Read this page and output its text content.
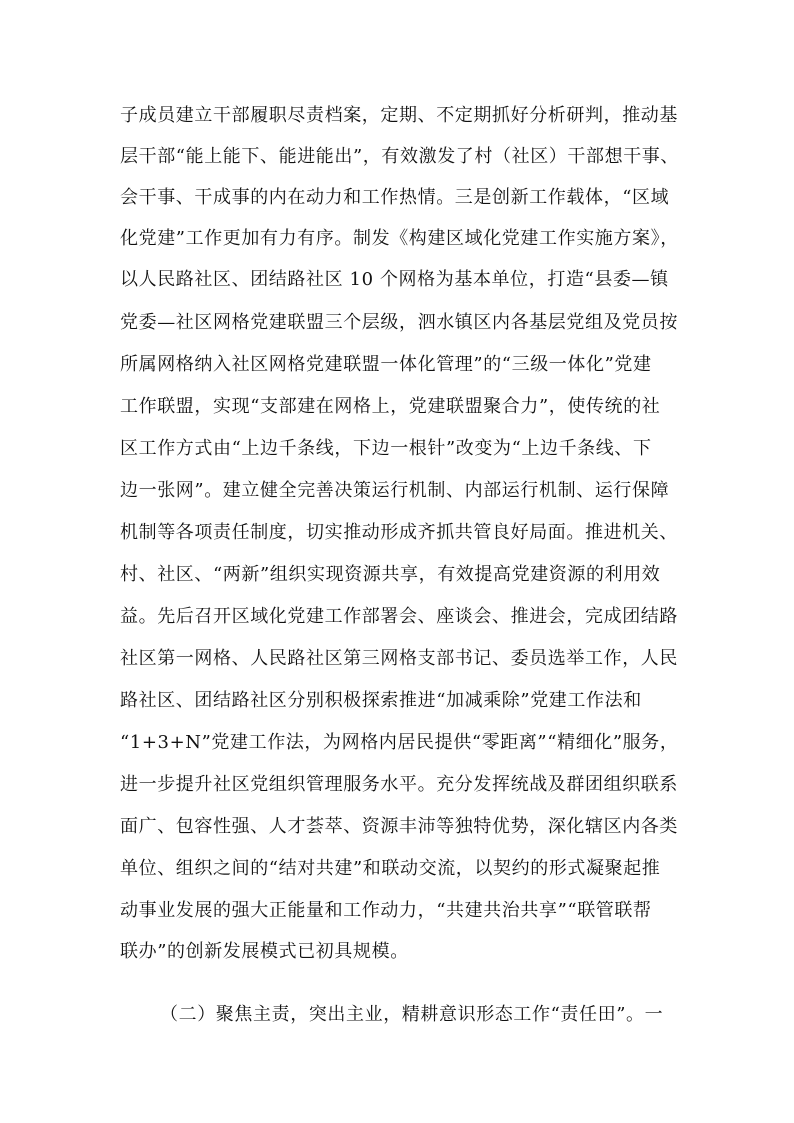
子成员建立干部履职尽责档案，定期、不定期抓好分析研判，推动基
层干部“能上能下、能进能出”，有效激发了村（社区）干部想干事、
会干事、干成事的内在动力和工作热情。三是创新工作载体，“区域
化党建”工作更加有力有序。制发《构建区域化党建工作实施方案》，
以人民路社区、团结路社区 10 个网格为基本单位，打造“县委—镇
党委—社区网格党建联盟三个层级，泗水镇区内各基层党组及党员按
所属网格纳入社区网格党建联盟一体化管理”的“三级一体化”党建
工作联盟，实现“支部建在网格上，党建联盟聚合力”，使传统的社
区工作方式由“上边千条线，下边一根针”改变为“上边千条线、下
边一张网”。建立健全完善决策运行机制、内部运行机制、运行保障
机制等各项责任制度，切实推动形成齐抓共管良好局面。推进机关、
村、社区、“两新”组织实现资源共享，有效提高党建资源的利用效
益。先后召开区域化党建工作部署会、座谈会、推进会，完成团结路
社区第一网格、人民路社区第三网格支部书记、委员选举工作，人民
路社区、团结路社区分别积极探索推进“加减乘除”党建工作法和
“1+3+N”党建工作法，为网格内居民提供“零距离”“精细化”服务，
进一步提升社区党组织管理服务水平。充分发挥统战及群团组织联系
面广、包容性强、人才荟萃、资源丰沛等独特优势，深化辖区内各类
单位、组织之间的“结对共建”和联动交流，以契约的形式凝聚起推
动事业发展的强大正能量和工作动力，“共建共治共享”“联管联帮
联办”的创新发展模式已初具规模。
（二）聚焦主责，突出主业，精耕意识形态工作“责任田”。一
